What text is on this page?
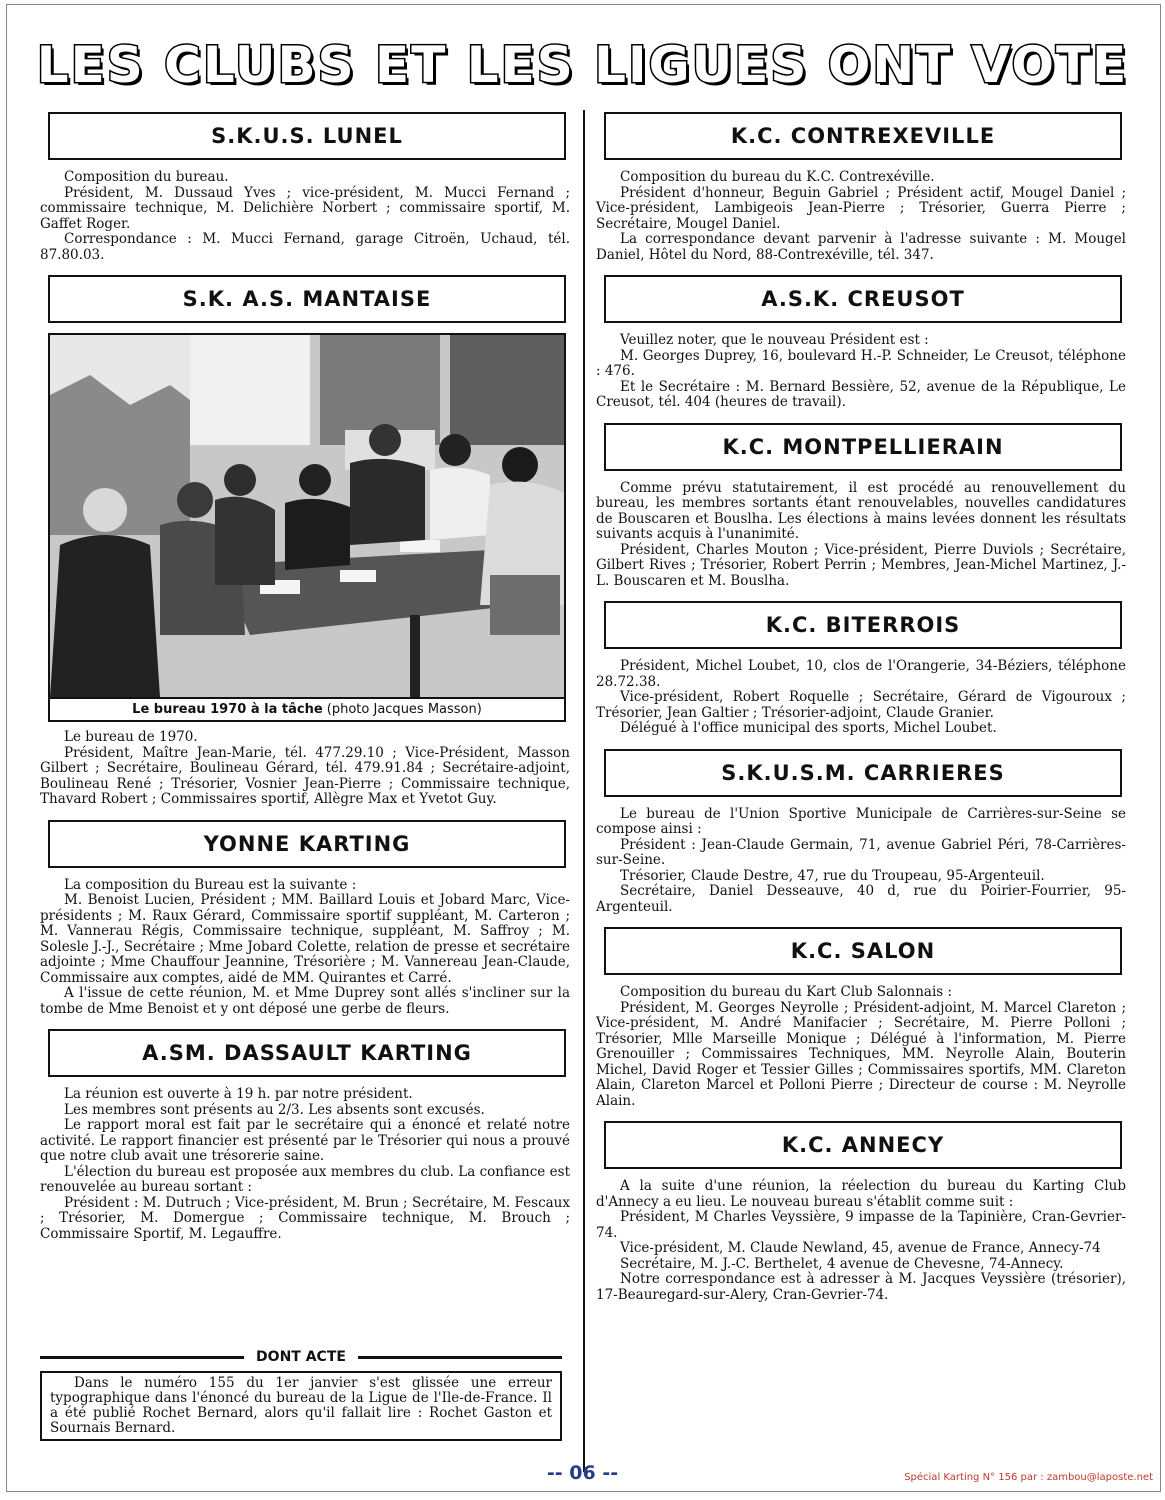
LES CLUBS ET LES LIGUES ONT VOTE
S.K.U.S. LUNEL

Composition du bureau.

Président, M. Dussaud Yves ; vice-président, M. Mucci Fernand ; commissaire technique, M. Delichière Norbert ; commissaire sportif, M. Gaffet Roger.

Correspondance : M. Mucci Fernand, garage Citroën, Uchaud, tél. 87.80.03.

S.K. A.S. MANTAISE
Le bureau 1970 à la tâche (photo Jacques Masson)

Le bureau de 1970.

Président, Maître Jean-Marie, tél. 477.29.10 ; Vice-Président, Masson Gilbert ; Secrétaire, Boulineau Gérard, tél. 479.91.84 ; Secrétaire-adjoint, Boulineau René ; Trésorier, Vosnier Jean-Pierre ; Commissaire technique, Thavard Robert ; Commissaires sportif, Allègre Max et Yvetot Guy.

YONNE KARTING

La composition du Bureau est la suivante :

M. Benoist Lucien, Président ; MM. Baillard Louis et Jobard Marc, Vice-présidents ; M. Raux Gérard, Commissaire sportif suppléant, M. Carteron ; M. Vannerau Régis, Commissaire technique, suppléant, M. Saffroy ; M. Solesle J.-J., Secrétaire ; Mme Jobard Colette, relation de presse et secrétaire adjointe ; Mme Chauffour Jeannine, Trésorière ; M. Vannereau Jean-Claude, Commissaire aux comptes, aidé de MM. Quirantes et Carré.

A l'issue de cette réunion, M. et Mme Duprey sont allés s'incliner sur la tombe de Mme Benoist et y ont déposé une gerbe de fleurs.

A.SM. DASSAULT KARTING

La réunion est ouverte à 19 h. par notre président.

Les membres sont présents au 2/3. Les absents sont excusés.

Le rapport moral est fait par le secrétaire qui a énoncé et relaté notre activité. Le rapport financier est présenté par le Trésorier qui nous a prouvé que notre club avait une trésorerie saine.

L'élection du bureau est proposée aux membres du club. La confiance est renouvelée au bureau sortant :

Président : M. Dutruch ; Vice-président, M. Brun ; Secrétaire, M. Fescaux ; Trésorier, M. Domergue ; Commissaire technique, M. Brouch ; Commissaire Sportif, M. Legauffre.

DONT ACTE

Dans le numéro 155 du 1er janvier s'est glissée une erreur typographique dans l'énoncé du bureau de la Ligue de l'Ile-de-France. Il a été publié Rochet Bernard, alors qu'il fallait lire : Rochet Gaston et Sournais Bernard.

K.C. CONTREXEVILLE

Composition du bureau du K.C. Contrexéville.

Président d'honneur, Beguin Gabriel ; Président actif, Mougel Daniel ; Vice-président, Lambigeois Jean-Pierre ; Trésorier, Guerra Pierre ; Secrétaire, Mougel Daniel.

La correspondance devant parvenir à l'adresse suivante : M. Mougel Daniel, Hôtel du Nord, 88-Contrexéville, tél. 347.

A.S.K. CREUSOT

Veuillez noter, que le nouveau Président est :

M. Georges Duprey, 16, boulevard H.-P. Schneider, Le Creusot, téléphone : 476.

Et le Secrétaire : M. Bernard Bessière, 52, avenue de la République, Le Creusot, tél. 404 (heures de travail).

K.C. MONTPELLIERAIN

Comme prévu statutairement, il est procédé au renouvellement du bureau, les membres sortants étant renouvelables, nouvelles candidatures de Bouscaren et Bouslha. Les élections à mains levées donnent les résultats suivants acquis à l'unanimité.

Président, Charles Mouton ; Vice-président, Pierre Duviols ; Secrétaire, Gilbert Rives ; Trésorier, Robert Perrin ; Membres, Jean-Michel Martinez, J.-L. Bouscaren et M. Bouslha.

K.C. BITERROIS

Président, Michel Loubet, 10, clos de l'Orangerie, 34-Béziers, téléphone 28.72.38.

Vice-président, Robert Roquelle ; Secrétaire, Gérard de Vigouroux ; Trésorier, Jean Galtier ; Trésorier-adjoint, Claude Granier.

Délégué à l'office municipal des sports, Michel Loubet.

S.K.U.S.M. CARRIERES

Le bureau de l'Union Sportive Municipale de Carrières-sur-Seine se compose ainsi :

Président : Jean-Claude Germain, 71, avenue Gabriel Péri, 78-Carrières-sur-Seine.

Trésorier, Claude Destre, 47, rue du Troupeau, 95-Argenteuil.

Secrétaire, Daniel Desseauve, 40 d, rue du Poirier-Fourrier, 95-Argenteuil.

K.C. SALON

Composition du bureau du Kart Club Salonnais :

Président, M. Georges Neyrolle ; Président-adjoint, M. Marcel Clareton ; Vice-président, M. André Manifacier ; Secrétaire, M. Pierre Polloni ; Trésorier, Mlle Marseille Monique ; Délégué à l'information, M. Pierre Grenouiller ; Commissaires Techniques, MM. Neyrolle Alain, Bouterin Michel, David Roger et Tessier Gilles ; Commissaires sportifs, MM. Clareton Alain, Clareton Marcel et Polloni Pierre ; Directeur de course : M. Neyrolle Alain.

K.C. ANNECY

A la suite d'une réunion, la réelection du bureau du Karting Club d'Annecy a eu lieu. Le nouveau bureau s'établit comme suit :

Président, M Charles Veyssière, 9 impasse de la Tapinière, Cran-Gevrier-74.

Vice-président, M. Claude Newland, 45, avenue de France, Annecy-74

Secrétaire, M. J.-C. Berthelet, 4 avenue de Chevesne, 74-Annecy.

Notre correspondance est à adresser à M. Jacques Veyssière (trésorier), 17-Beauregard-sur-Alery, Cran-Gevrier-74.

-- 06 --	Spécial Karting N° 156 par : zambou@laposte.net
